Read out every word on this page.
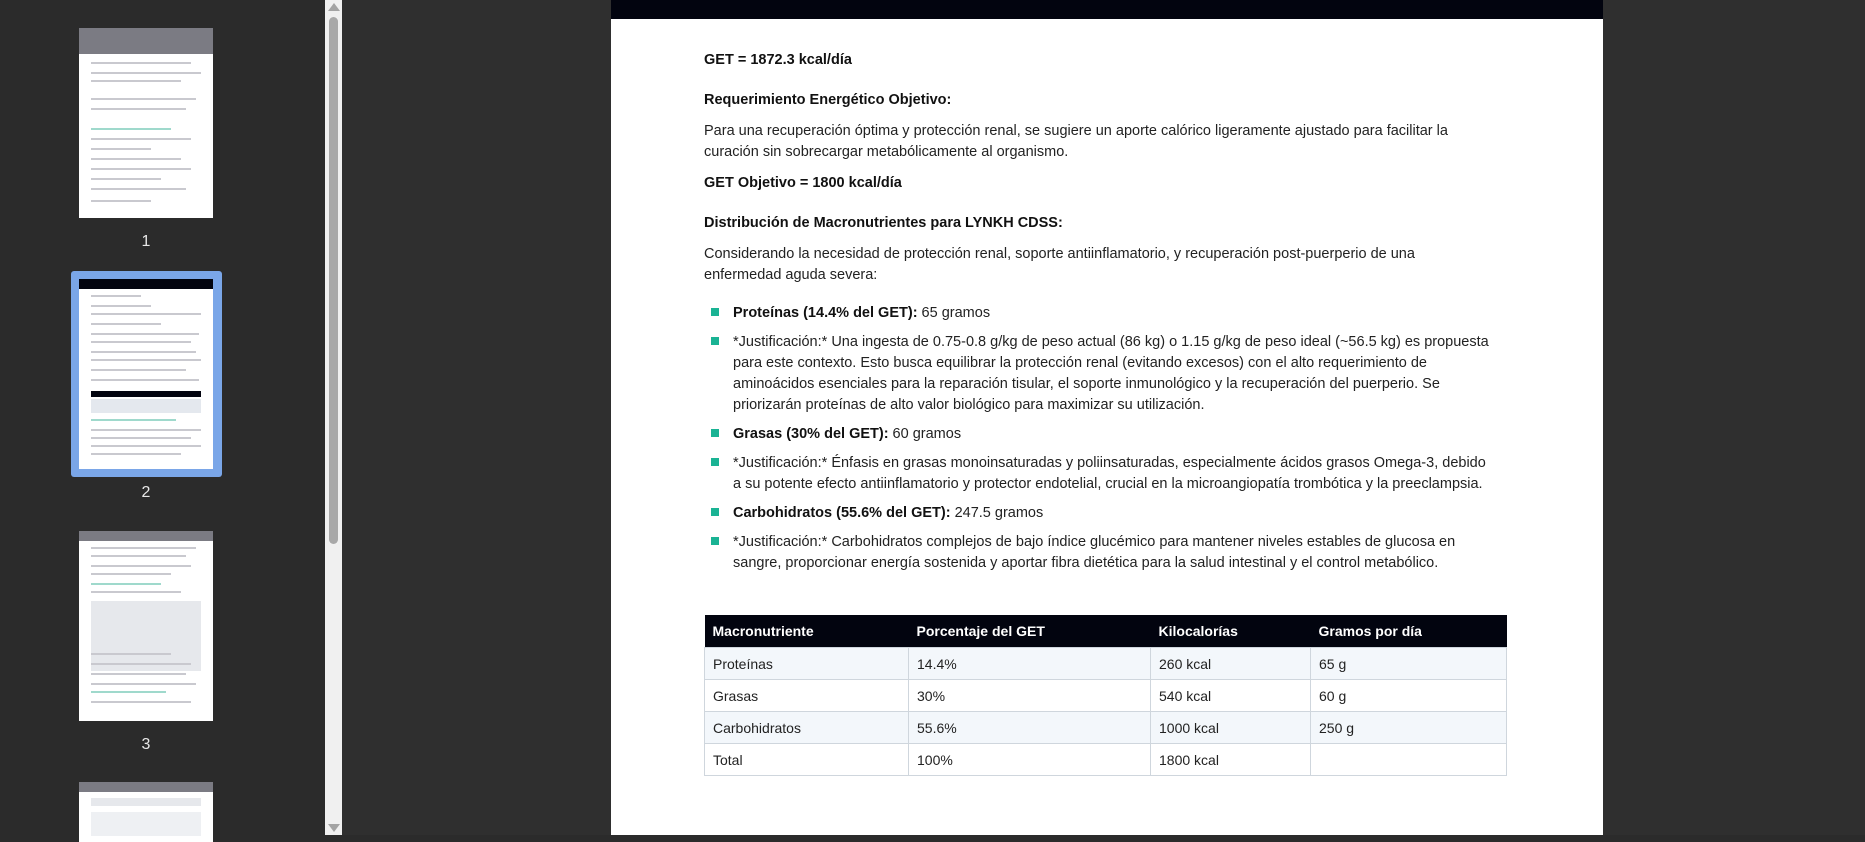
1
2
3
GET = 1872.3 kcal/día
Requerimiento Energético Objetivo:
Para una recuperación óptima y protección renal, se sugiere un aporte calórico ligeramente ajustado para facilitar la
curación sin sobrecargar metabólicamente al organismo.
GET Objetivo = 1800 kcal/día
Distribución de Macronutrientes para LYNKH CDSS:
Considerando la necesidad de protección renal, soporte antiinflamatorio, y recuperación post-puerperio de una
enfermedad aguda severa:
Proteínas (14.4% del GET): 65 gramos
*Justificación:* Una ingesta de 0.75-0.8 g/kg de peso actual (86 kg) o 1.15 g/kg de peso ideal (~56.5 kg) es propuesta para este contexto. Esto busca equilibrar la protección renal (evitando excesos) con el alto requerimiento de aminoácidos esenciales para la reparación tisular, el soporte inmunológico y la recuperación del puerperio. Se priorizarán proteínas de alto valor biológico para maximizar su utilización.
Grasas (30% del GET): 60 gramos
*Justificación:* Énfasis en grasas monoinsaturadas y poliinsaturadas, especialmente ácidos grasos Omega-3, debido a su potente efecto antiinflamatorio y protector endotelial, crucial en la microangiopatía trombótica y la preeclampsia.
Carbohidratos (55.6% del GET): 247.5 gramos
*Justificación:* Carbohidratos complejos de bajo índice glucémico para mantener niveles estables de glucosa en sangre, proporcionar energía sostenida y aportar fibra dietética para la salud intestinal y el control metabólico.
Macronutriente	Porcentaje del GET	Kilocalorías	Gramos por día
Proteínas	14.4%	260 kcal	65 g
Grasas	30%	540 kcal	60 g
Carbohidratos	55.6%	1000 kcal	250 g
Total	100%	1800 kcal	
